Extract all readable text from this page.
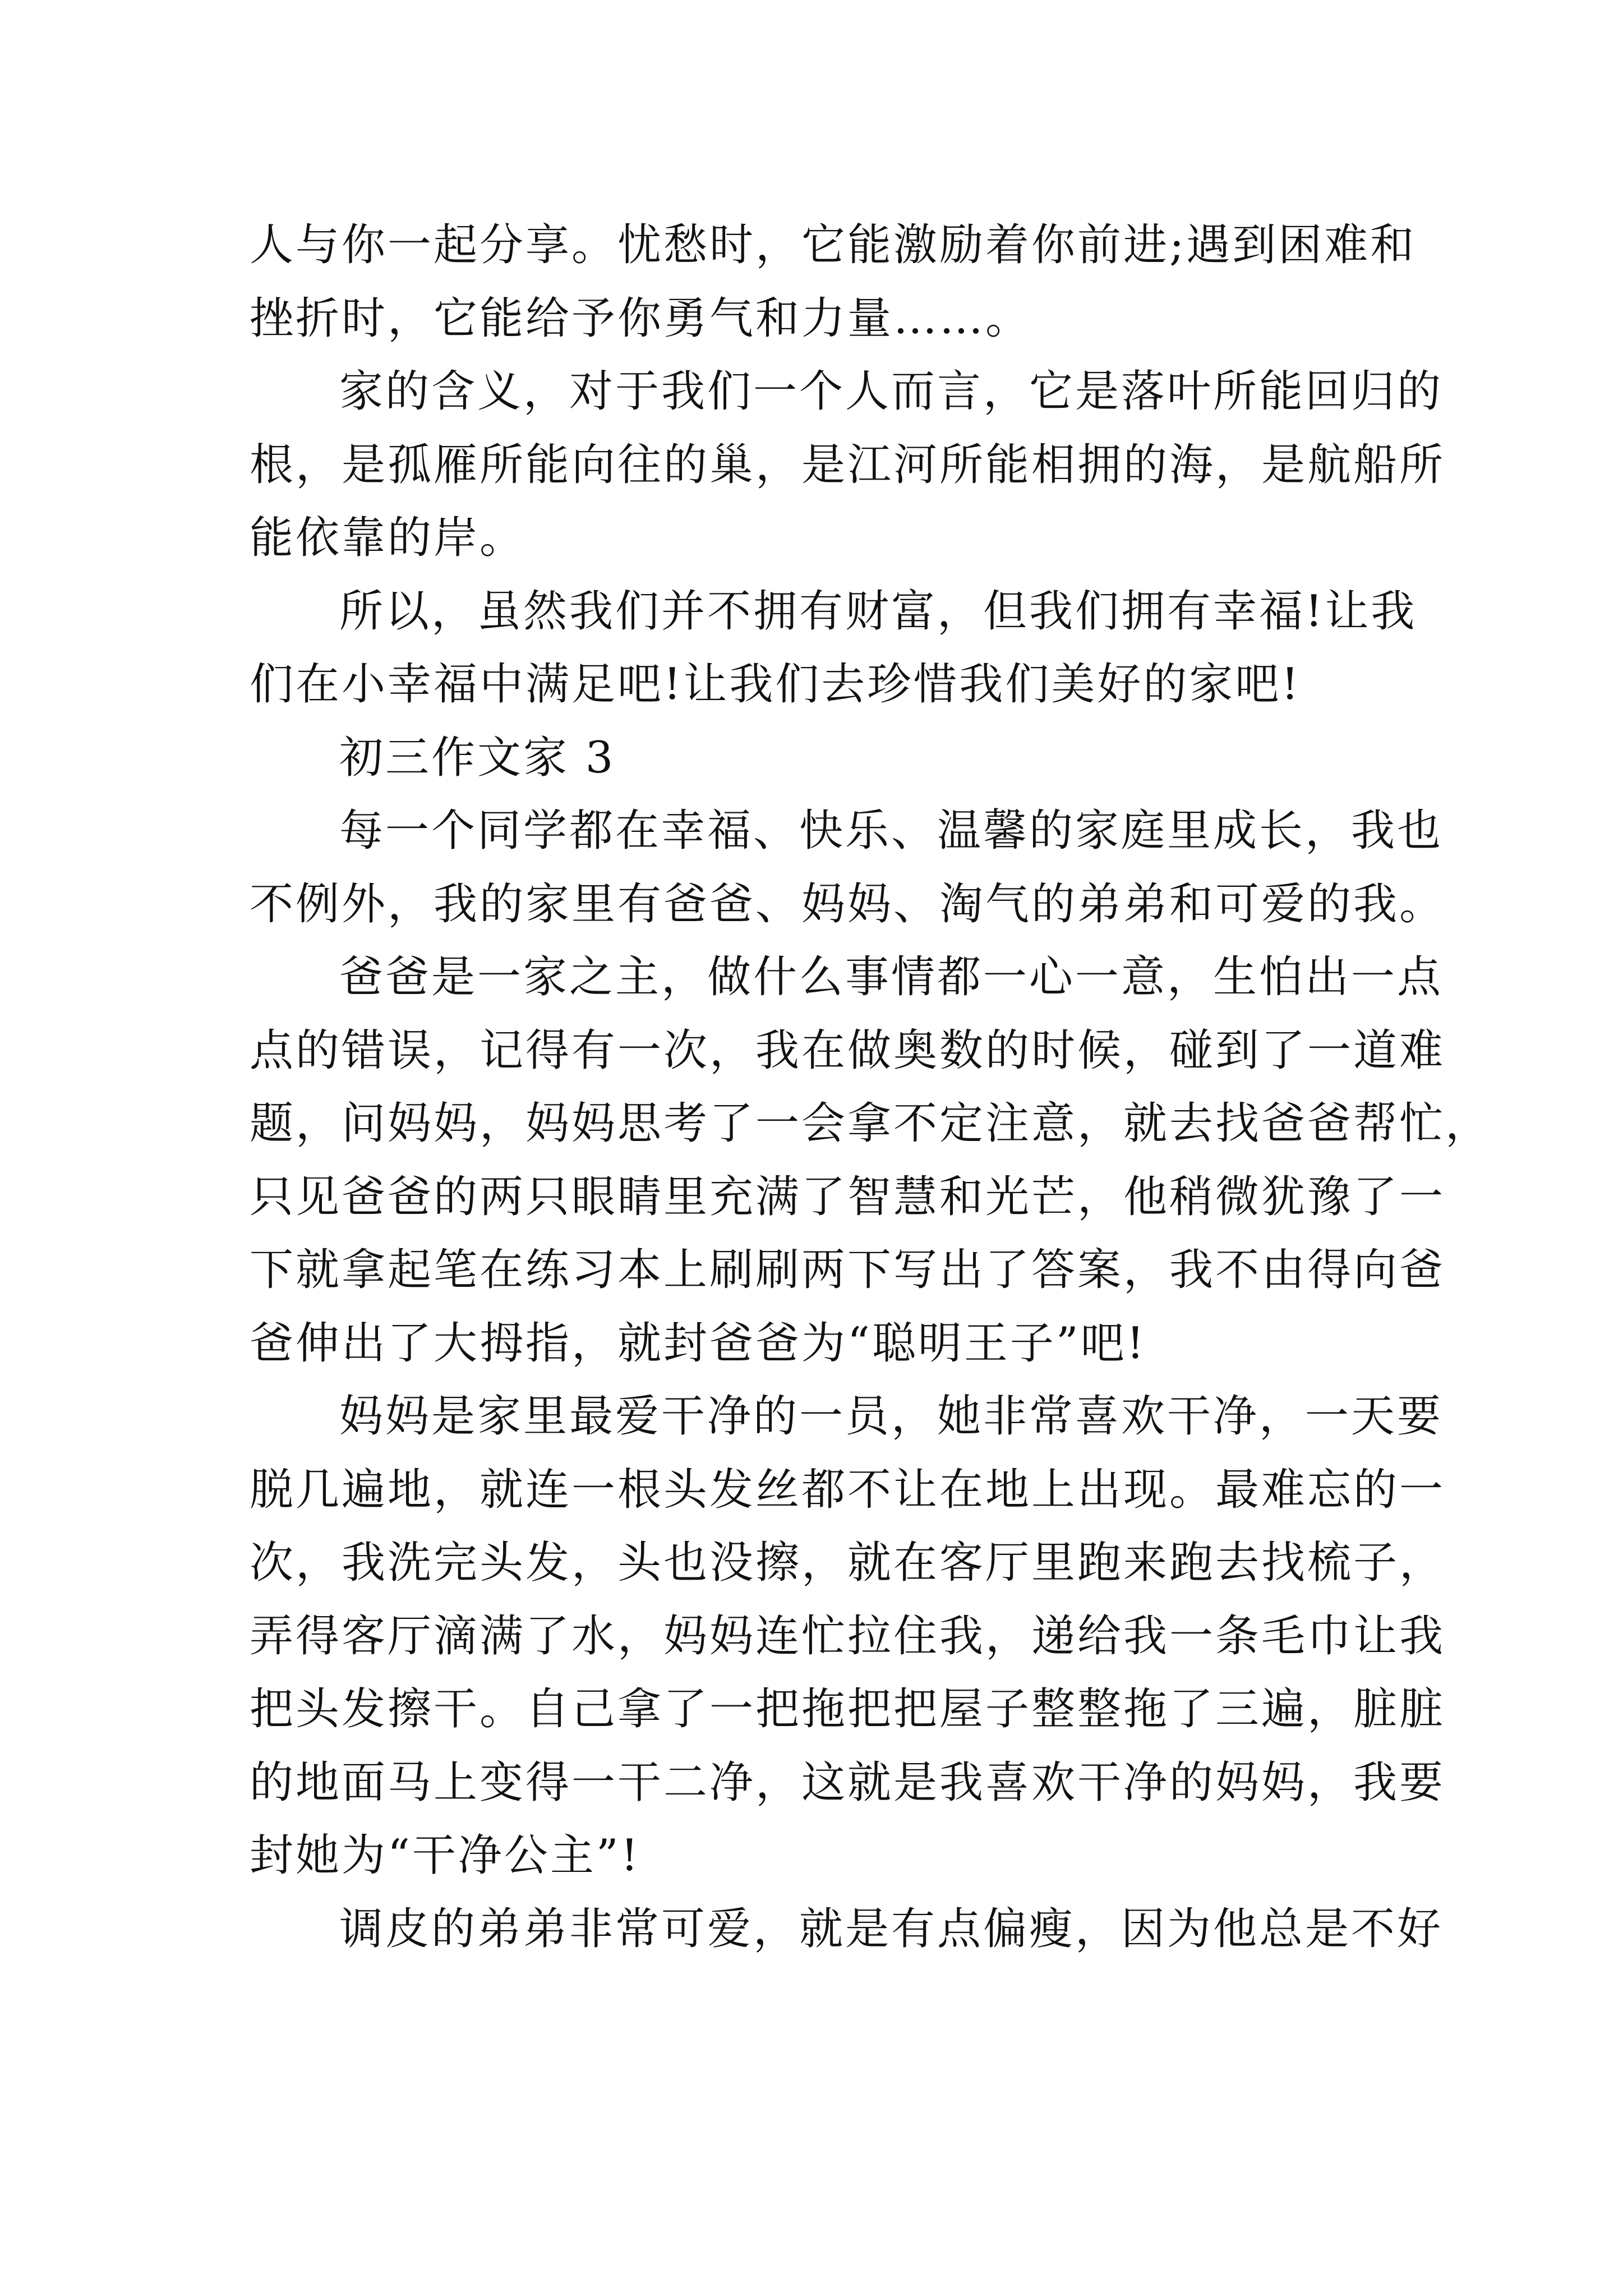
人与你一起分享。忧愁时，它能激励着你前进;遇到困难和
挫折时，它能给予你勇气和力量……。
家的含义，对于我们一个人而言，它是落叶所能回归的
根，是孤雁所能向往的巢，是江河所能相拥的海，是航船所
能依靠的岸。
所以，虽然我们并不拥有财富，但我们拥有幸福!让我
们在小幸福中满足吧!让我们去珍惜我们美好的家吧!
初三作文家 3
每一个同学都在幸福、快乐、温馨的家庭里成长，我也
不例外，我的家里有爸爸、妈妈、淘气的弟弟和可爱的我。
爸爸是一家之主，做什么事情都一心一意，生怕出一点
点的错误，记得有一次，我在做奥数的时候，碰到了一道难
题，问妈妈，妈妈思考了一会拿不定注意，就去找爸爸帮忙，
只见爸爸的两只眼睛里充满了智慧和光芒，他稍微犹豫了一
下就拿起笔在练习本上刷刷两下写出了答案，我不由得向爸
爸伸出了大拇指，就封爸爸为“聪明王子”吧!
妈妈是家里最爱干净的一员，她非常喜欢干净，一天要
脱几遍地，就连一根头发丝都不让在地上出现。最难忘的一
次，我洗完头发，头也没擦，就在客厅里跑来跑去找梳子，
弄得客厅滴满了水，妈妈连忙拉住我，递给我一条毛巾让我
把头发擦干。自己拿了一把拖把把屋子整整拖了三遍，脏脏
的地面马上变得一干二净，这就是我喜欢干净的妈妈，我要
封她为“干净公主”!
调皮的弟弟非常可爱，就是有点偏瘦，因为他总是不好
